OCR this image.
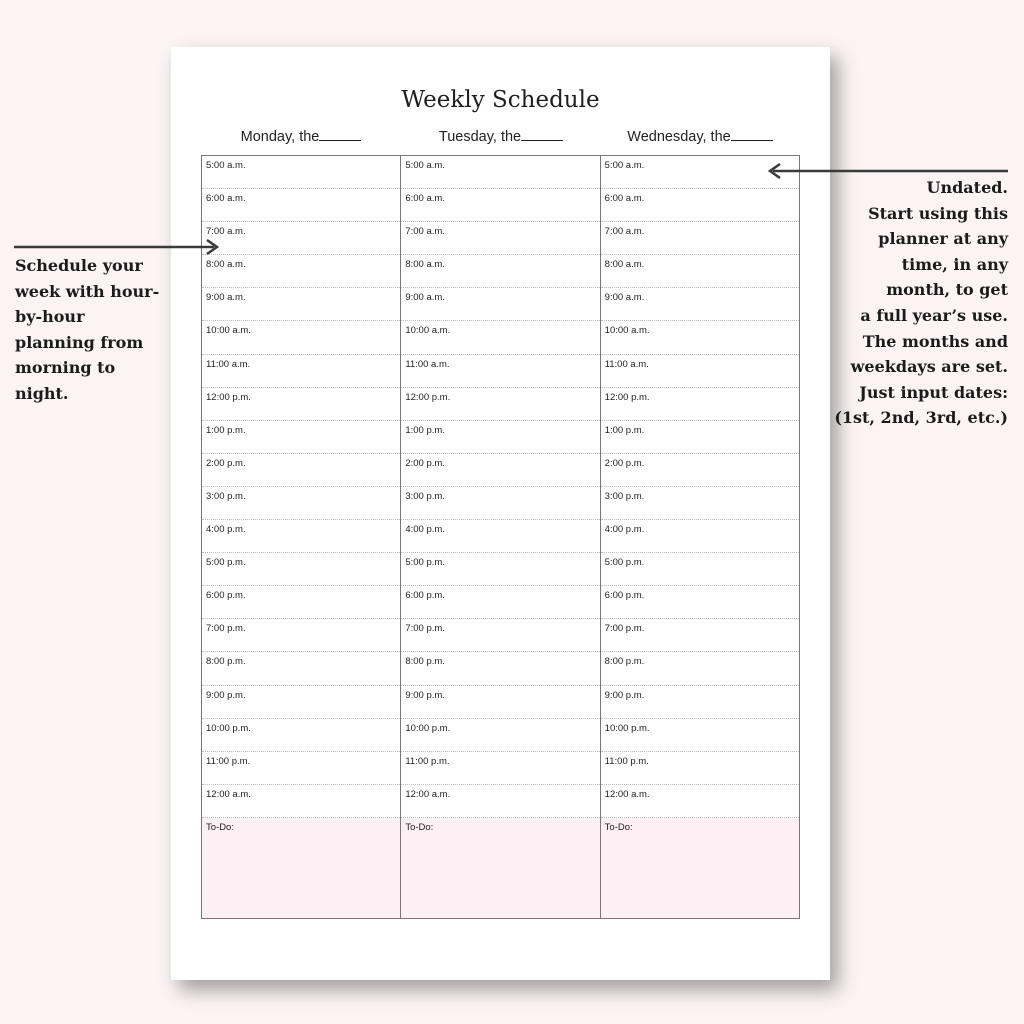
Weekly Schedule
Monday, the	Tuesday, the	Wednesday, the
5:00 a.m.
6:00 a.m.
7:00 a.m.
8:00 a.m.
9:00 a.m.
10:00 a.m.
11:00 a.m.
12:00 p.m.
1:00 p.m.
2:00 p.m.
3:00 p.m.
4:00 p.m.
5:00 p.m.
6:00 p.m.
7:00 p.m.
8:00 p.m.
9:00 p.m.
10:00 p.m.
11:00 p.m.
12:00 a.m.
To-Do:
5:00 a.m.
6:00 a.m.
7:00 a.m.
8:00 a.m.
9:00 a.m.
10:00 a.m.
11:00 a.m.
12:00 p.m.
1:00 p.m.
2:00 p.m.
3:00 p.m.
4:00 p.m.
5:00 p.m.
6:00 p.m.
7:00 p.m.
8:00 p.m.
9:00 p.m.
10:00 p.m.
11:00 p.m.
12:00 a.m.
To-Do:
5:00 a.m.
6:00 a.m.
7:00 a.m.
8:00 a.m.
9:00 a.m.
10:00 a.m.
11:00 a.m.
12:00 p.m.
1:00 p.m.
2:00 p.m.
3:00 p.m.
4:00 p.m.
5:00 p.m.
6:00 p.m.
7:00 p.m.
8:00 p.m.
9:00 p.m.
10:00 p.m.
11:00 p.m.
12:00 a.m.
To-Do:
Schedule your
week with hour-
by-hour
planning from
morning to
night.
Undated.
Start using this
planner at any
time, in any
month, to get
a full year’s use.
The months and
weekdays are set.
Just input dates:
(1st, 2nd, 3rd, etc.)
